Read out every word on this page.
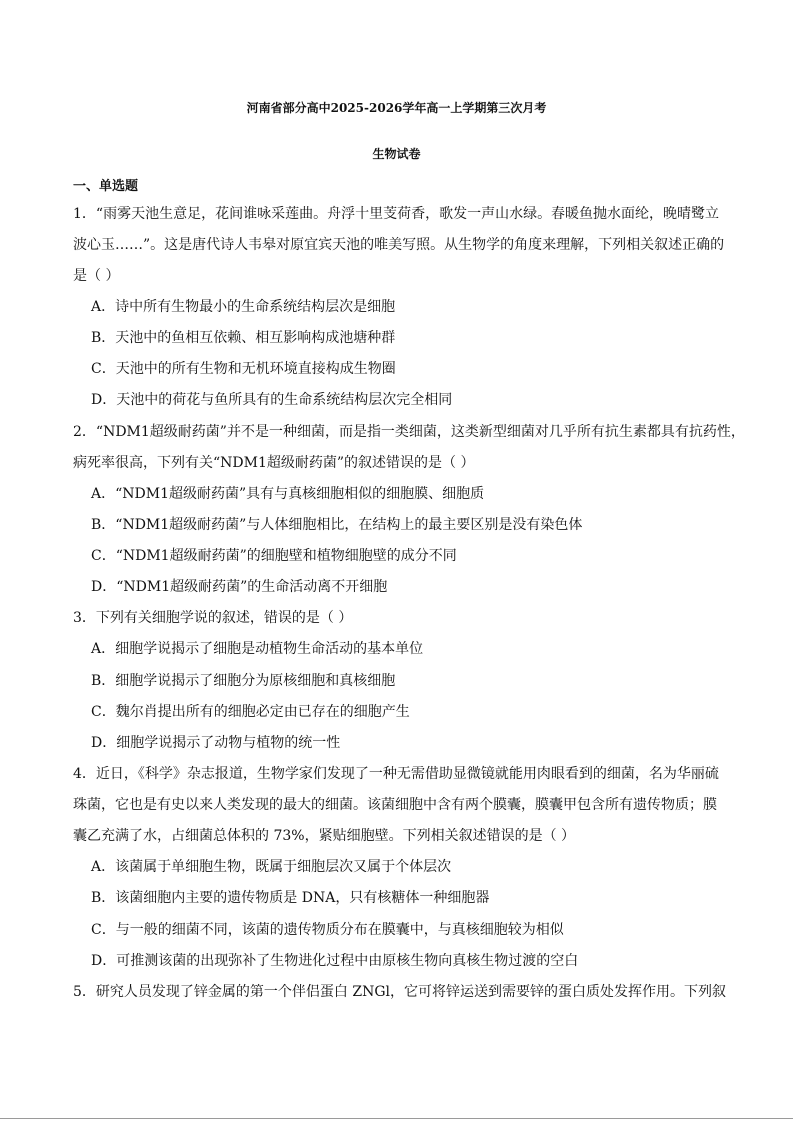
河南省部分高中2025-2026学年高一上学期第三次月考
生物试卷
一、单选题
1．“雨雾天池生意足，花间谁咏采莲曲。舟浮十里芰荷香，歌发一声山水绿。春暖鱼抛水面纶，晚晴鹭立
波心玉……”。这是唐代诗人韦皋对原宜宾天池的唯美写照。从生物学的角度来理解，下列相关叙述正确的
是（ ）
A．诗中所有生物最小的生命系统结构层次是细胞
B．天池中的鱼相互依赖、相互影响构成池塘种群
C．天池中的所有生物和无机环境直接构成生物圈
D．天池中的荷花与鱼所具有的生命系统结构层次完全相同
2．“NDM1超级耐药菌”并不是一种细菌，而是指一类细菌，这类新型细菌对几乎所有抗生素都具有抗药性，
病死率很高，下列有关“NDM1超级耐药菌”的叙述错误的是（ ）
A．“NDM1超级耐药菌”具有与真核细胞相似的细胞膜、细胞质
B．“NDM1超级耐药菌”与人体细胞相比，在结构上的最主要区别是没有染色体
C．“NDM1超级耐药菌”的细胞壁和植物细胞壁的成分不同
D．“NDM1超级耐药菌”的生命活动离不开细胞
3．下列有关细胞学说的叙述，错误的是（ ）
A．细胞学说揭示了细胞是动植物生命活动的基本单位
B．细胞学说揭示了细胞分为原核细胞和真核细胞
C．魏尔肖提出所有的细胞必定由已存在的细胞产生
D．细胞学说揭示了动物与植物的统一性
4．近日，《科学》杂志报道，生物学家们发现了一种无需借助显微镜就能用肉眼看到的细菌，名为华丽硫
珠菌，它也是有史以来人类发现的最大的细菌。该菌细胞中含有两个膜囊，膜囊甲包含所有遗传物质；膜
囊乙充满了水，占细菌总体积的 73%，紧贴细胞壁。下列相关叙述错误的是（ ）
A．该菌属于单细胞生物，既属于细胞层次又属于个体层次
B．该菌细胞内主要的遗传物质是 DNA，只有核糖体一种细胞器
C．与一般的细菌不同，该菌的遗传物质分布在膜囊中，与真核细胞较为相似
D．可推测该菌的出现弥补了生物进化过程中由原核生物向真核生物过渡的空白
5．研究人员发现了锌金属的第一个伴侣蛋白 ZNGl，它可将锌运送到需要锌的蛋白质处发挥作用。下列叙
